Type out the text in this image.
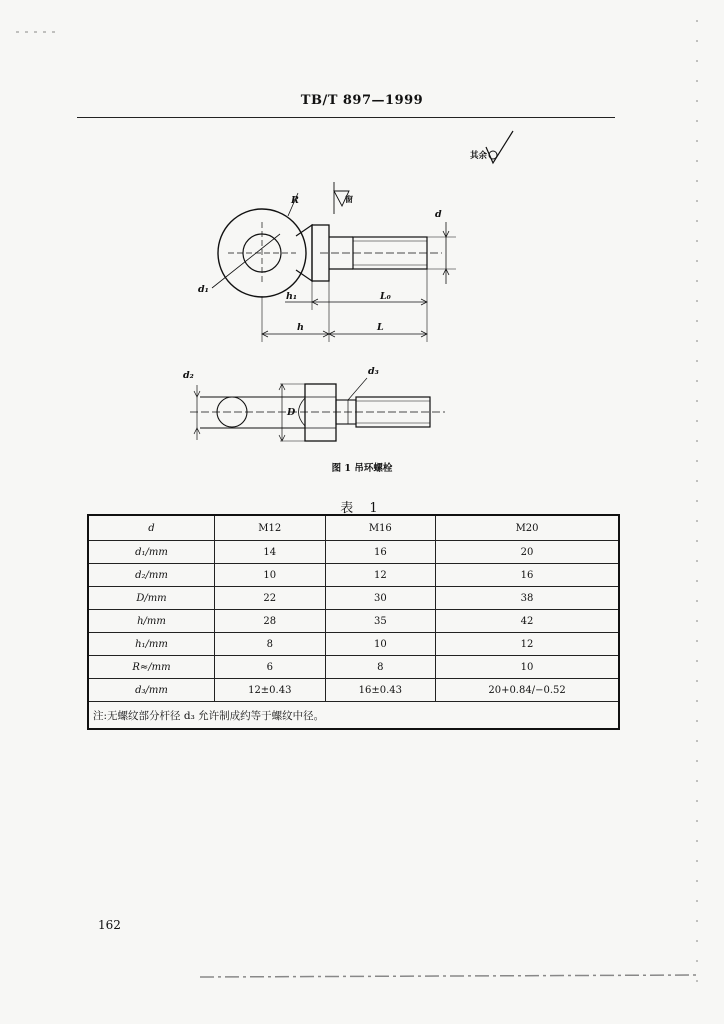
TB/T 897—1999
其余
窗
R
d
d₁
h₁	L₀
h	L
d₂	d₃
D
图 1 吊环螺栓
表 1
d	M12	M16	M20
d₁/mm	14	16	20
d₂/mm	10	12	16
D/mm	22	30	38
h/mm	28	35	42
h₁/mm	8	10	12
R≈/mm	6	8	10
d₃/mm	12±0.43	16±0.43	20+0.84/−0.52
注:无螺纹部分杆径 d₃ 允许制成约等于螺纹中径。			
162
